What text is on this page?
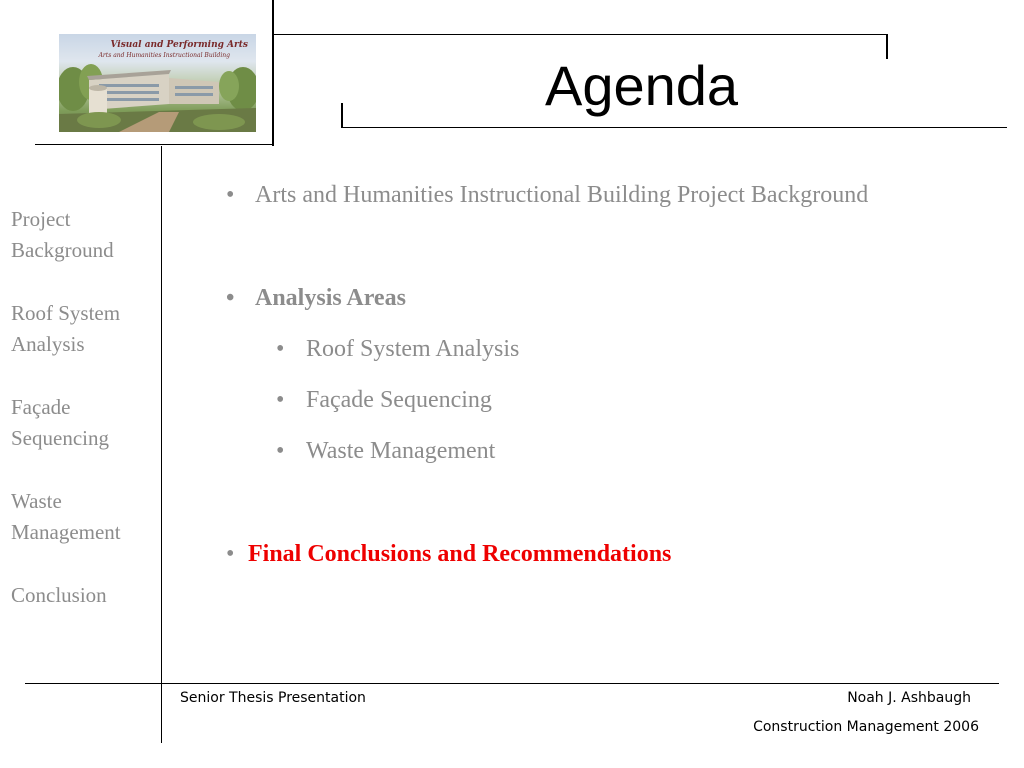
Visual and Performing Arts
Arts and Humanities Instructional Building	Agenda
Project Background
Roof System Analysis
Façade Sequencing
Waste Management
Conclusion
• Arts and Humanities Instructional Building Project Background
• Analysis Areas
• Roof System Analysis
• Façade Sequencing
• Waste Management
• Final Conclusions and Recommendations
Senior Thesis Presentation	Noah J. Ashbaugh
Construction Management 2006
